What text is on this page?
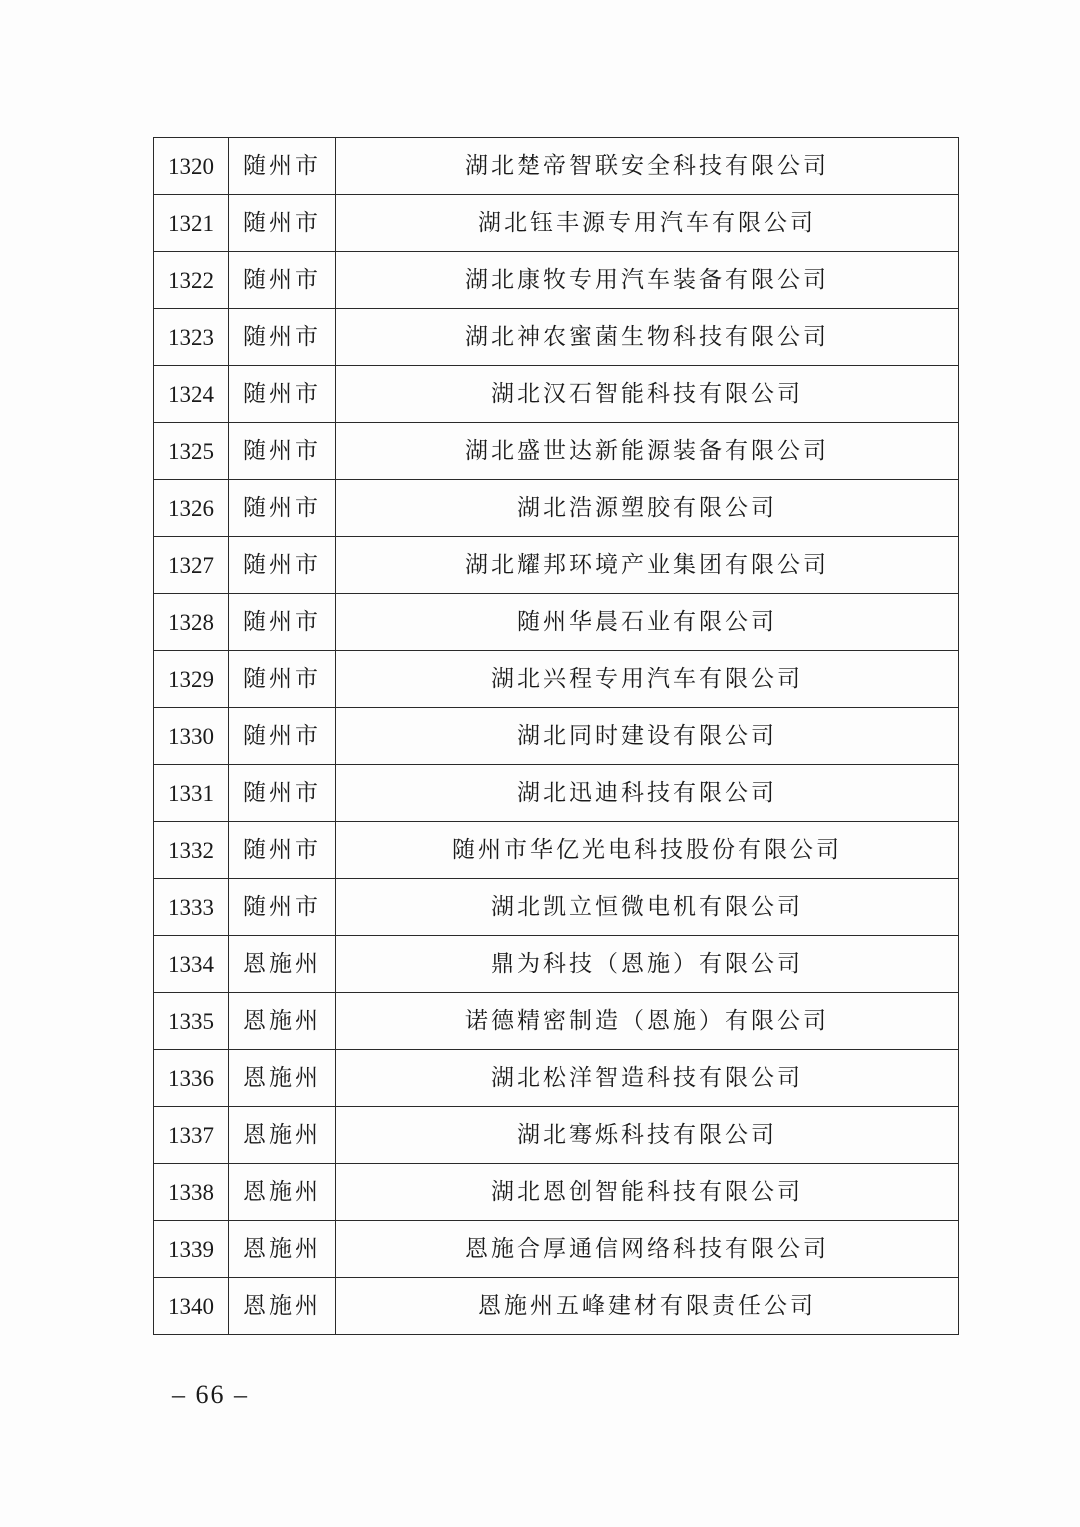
1320	随州市	湖北楚帝智联安全科技有限公司
1321	随州市	湖北钰丰源专用汽车有限公司
1322	随州市	湖北康牧专用汽车装备有限公司
1323	随州市	湖北神农蜜菌生物科技有限公司
1324	随州市	湖北汉石智能科技有限公司
1325	随州市	湖北盛世达新能源装备有限公司
1326	随州市	湖北浩源塑胶有限公司
1327	随州市	湖北耀邦环境产业集团有限公司
1328	随州市	随州华晨石业有限公司
1329	随州市	湖北兴程专用汽车有限公司
1330	随州市	湖北同时建设有限公司
1331	随州市	湖北迅迪科技有限公司
1332	随州市	随州市华亿光电科技股份有限公司
1333	随州市	湖北凯立恒微电机有限公司
1334	恩施州	鼎为科技（恩施）有限公司
1335	恩施州	诺德精密制造（恩施）有限公司
1336	恩施州	湖北松洋智造科技有限公司
1337	恩施州	湖北骞烁科技有限公司
1338	恩施州	湖北恩创智能科技有限公司
1339	恩施州	恩施合厚通信网络科技有限公司
1340	恩施州	恩施州五峰建材有限责任公司
– 66 –
